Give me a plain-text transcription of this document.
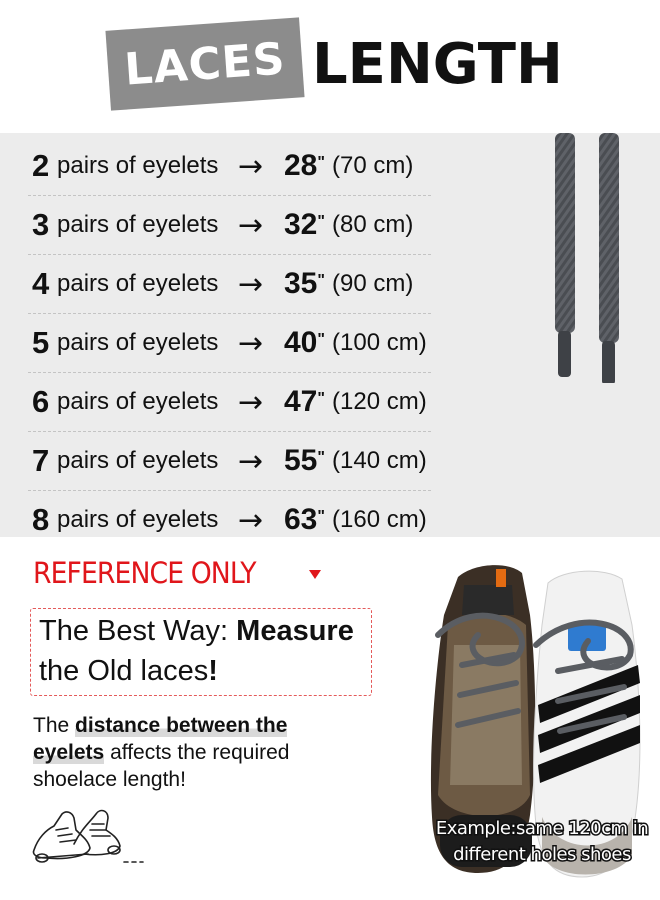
LACES LENGTH
2 pairs of eyelets → 28" (70 cm)
3 pairs of eyelets → 32" (80 cm)
4 pairs of eyelets → 35" (90 cm)
5 pairs of eyelets → 40" (100 cm)
6 pairs of eyelets → 47" (120 cm)
7 pairs of eyelets → 55" (140 cm)
8 pairs of eyelets → 63" (160 cm)
REFERENCE ONLY
The Best Way: Measure
the Old laces!
The distance between the
eyelets affects the required
shoelace length!
Example:same 120cm in
different holes shoes
